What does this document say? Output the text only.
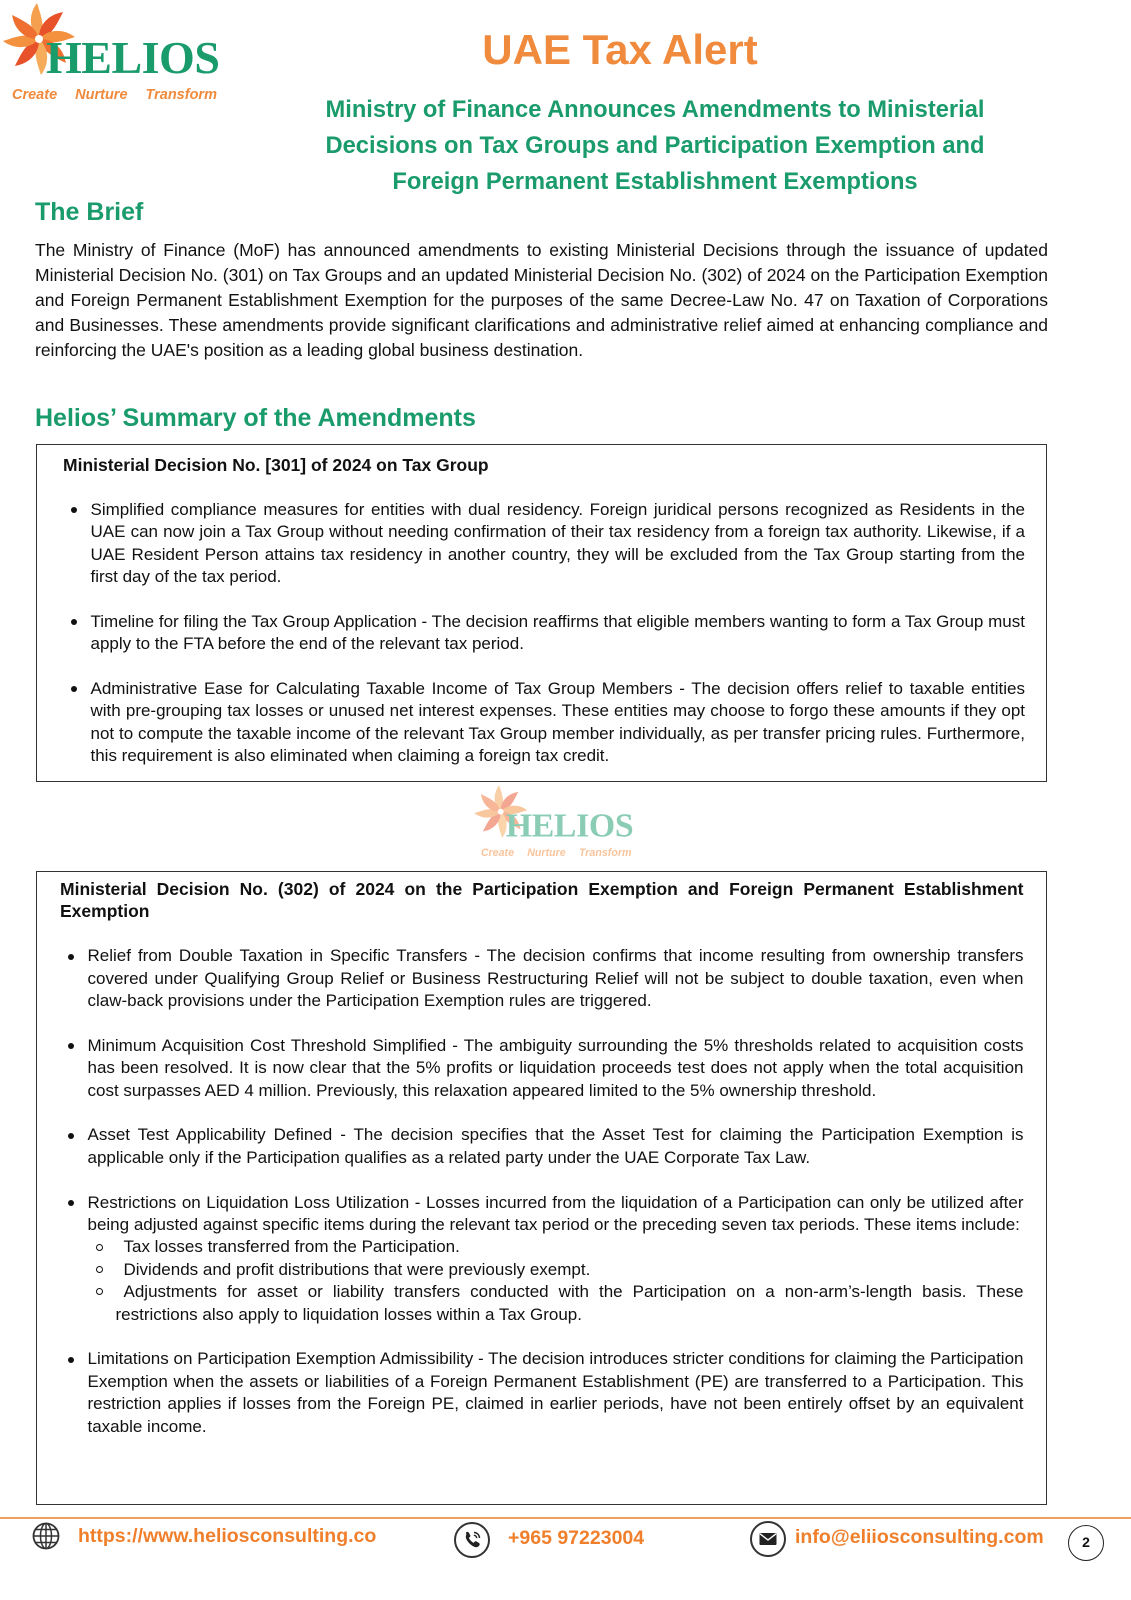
HELIOS
Create Nurture Transform
UAE Tax Alert
Ministry of Finance Announces Amendments to Ministerial
Decisions on Tax Groups and Participation Exemption and
Foreign Permanent Establishment Exemptions
The Brief
The Ministry of Finance (MoF) has announced amendments to existing Ministerial Decisions through the issuance of updated Ministerial Decision No. (301) on Tax Groups and an updated Ministerial Decision No. (302) of 2024 on the Participation Exemption and Foreign Permanent Establishment Exemption for the purposes of the same Decree-Law No. 47 on Taxation of Corporations and Businesses. These amendments provide significant clarifications and administrative relief aimed at enhancing compliance and reinforcing the UAE's position as a leading global business destination.
Helios’ Summary of the Amendments
Ministerial Decision No. [301] of 2024 on Tax Group
Simplified compliance measures for entities with dual residency. Foreign juridical persons recognized as Residents in the UAE can now join a Tax Group without needing confirmation of their tax residency from a foreign tax authority. Likewise, if a UAE Resident Person attains tax residency in another country, they will be excluded from the Tax Group starting from the first day of the tax period.
Timeline for filing the Tax Group Application - The decision reaffirms that eligible members wanting to form a Tax Group must apply to the FTA before the end of the relevant tax period.
Administrative Ease for Calculating Taxable Income of Tax Group Members - The decision offers relief to taxable entities with pre-grouping tax losses or unused net interest expenses. These entities may choose to forgo these amounts if they opt not to compute the taxable income of the relevant Tax Group member individually, as per transfer pricing rules. Furthermore, this requirement is also eliminated when claiming a foreign tax credit.
HELIOS
Create Nurture Transform
Ministerial Decision No. (302) of 2024 on the Participation Exemption and Foreign Permanent Establishment Exemption
Relief from Double Taxation in Specific Transfers - The decision confirms that income resulting from ownership transfers covered under Qualifying Group Relief or Business Restructuring Relief will not be subject to double taxation, even when claw-back provisions under the Participation Exemption rules are triggered.
Minimum Acquisition Cost Threshold Simplified - The ambiguity surrounding the 5% thresholds related to acquisition costs has been resolved. It is now clear that the 5% profits or liquidation proceeds test does not apply when the total acquisition cost surpasses AED 4 million. Previously, this relaxation appeared limited to the 5% ownership threshold.
Asset Test Applicability Defined - The decision specifies that the Asset Test for claiming the Participation Exemption is applicable only if the Participation qualifies as a related party under the UAE Corporate Tax Law.
Restrictions on Liquidation Loss Utilization - Losses incurred from the liquidation of a Participation can only be utilized after being adjusted against specific items during the relevant tax period or the preceding seven tax periods. These items include:
Tax losses transferred from the Participation.
Dividends and profit distributions that were previously exempt.
Adjustments for asset or liability transfers conducted with the Participation on a non-arm’s-length basis. These restrictions also apply to liquidation losses within a Tax Group.
Limitations on Participation Exemption Admissibility - The decision introduces stricter conditions for claiming the Participation Exemption when the assets or liabilities of a Foreign Permanent Establishment (PE) are transferred to a Participation. This restriction applies if losses from the Foreign PE, claimed in earlier periods, have not been entirely offset by an equivalent taxable income.
https://www.heliosconsulting.co	+965 97223004	info@eliiosconsulting.com	2
